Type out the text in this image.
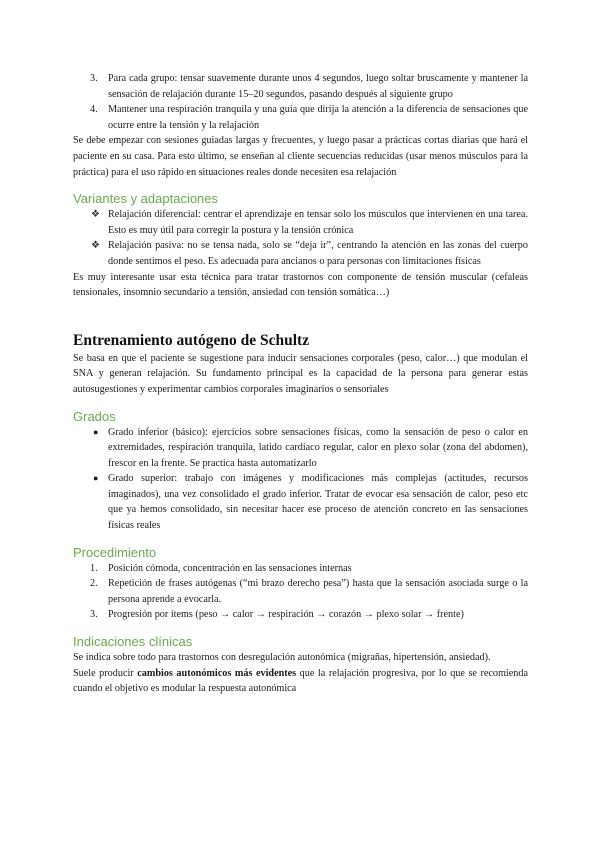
3. Para cada grupo: tensar suavemente durante unos 4 segundos, luego soltar bruscamente y mantener la sensación de relajación durante 15–20 segundos, pasando después al siguiente grupo
4. Mantener una respiración tranquila y una guía que dirija la atención a la diferencia de sensaciones que ocurre entre la tensión y la relajación

Se debe empezar con sesiones guiadas largas y frecuentes, y luego pasar a prácticas cortas diarias que hará el paciente en su casa. Para esto último, se enseñan al cliente secuencias reducidas (usar menos músculos para la práctica) para el uso rápido en situaciones reales donde necesiten esa relajación

Variantes y adaptaciones
❖ Relajación diferencial: centrar el aprendizaje en tensar solo los músculos que intervienen en una tarea. Esto es muy útil para corregir la postura y la tensión crónica
❖ Relajación pasiva: no se tensa nada, solo se “deja ir”, centrando la atención en las zonas del cuerpo donde sentimos el peso. Es adecuada para ancianos o para personas con limitaciones físicas

Es muy interesante usar esta técnica para tratar trastornos con componente de tensión muscular (cefaleas tensionales, insomnio secundario a tensión, ansiedad con tensión somática…)

Entrenamiento autógeno de Schultz

Se basa en que el paciente se sugestione para inducir sensaciones corporales (peso, calor…) que modulan el SNA y generan relajación. Su fundamento principal es la capacidad de la persona para generar estas autosugestiones y experimentar cambios corporales imaginarios o sensoriales

Grados
● Grado inferior (básico): ejercicios sobre sensaciones físicas, como la sensación de peso o calor en extremidades, respiración tranquila, latido cardíaco regular, calor en plexo solar (zona del abdomen), frescor en la frente. Se practica hasta automatizarlo
● Grado superior: trabajo con imágenes y modificaciones más complejas (actitudes, recursos imaginados), una vez consolidado el grado inferior. Tratar de evocar esa sensación de calor, peso etc que ya hemos consolidado, sin necesitar hacer ese proceso de atención concreto en las sensaciones físicas reales
Procedimiento
1. Posición cómoda, concentración en las sensaciones internas
2. Repetición de frases autógenas (“mi brazo derecho pesa”) hasta que la sensación asociada surge o la persona aprende a evocarla.
3. Progresión por ítems (peso → calor → respiración → corazón → plexo solar → frente)
Indicaciones clínicas

Se indica sobre todo para trastornos con desregulación autonómica (migrañas, hipertensión, ansiedad).

Suele producir cambios autonómicos más evidentes que la relajación progresiva, por lo que se recomienda cuando el objetivo es modular la respuesta autonómica
